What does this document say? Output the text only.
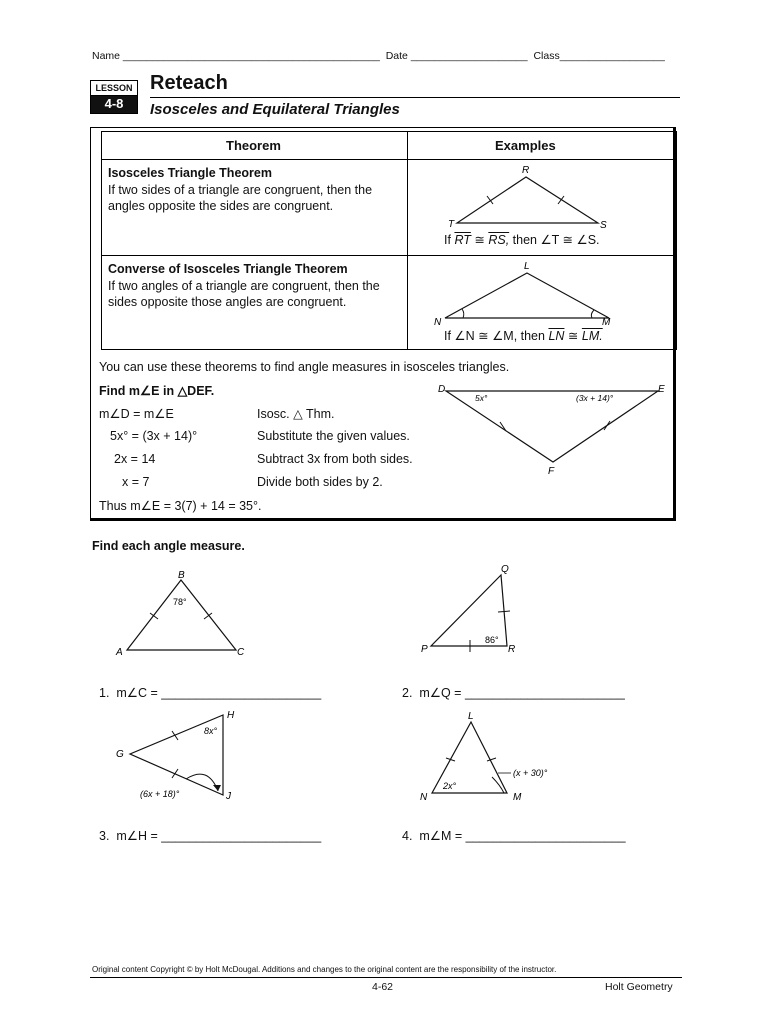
Name ____________________________________________  Date ____________________  Class__________________
LESSON
4-8
Reteach
Isosceles and Equilateral Triangles
Theorem	Examples
Isosceles Triangle Theorem
If two sides of a triangle are congruent, then the angles opposite the sides are congruent.
R
T	S
If $\overline{RT}$ ≅ RS, then ∠T ≅ ∠S.
Converse of Isosceles Triangle Theorem
If two angles of a triangle are congruent, then the sides opposite those angles are congruent.
L
N	M
If ∠N ≅ ∠M, then $\overline{LN}$ ≅ LM.
You can use these theorems to find angle measures in isosceles triangles.
Find m∠E in △DEF.
m∠D = m∠E	Isosc. △ Thm.
5x° = (3x + 14)°	Substitute the given values.
2x = 14	Subtract 3x from both sides.
x = 7	Divide both sides by 2.
Thus m∠E = 3(7) + 14 = 35°.
D	E
F
5x°	(3x + 14)°
Find each angle measure.
B
A	C
78°
Q
P	R
86°
1.  m∠C = _______________________	2.  m∠Q = _______________________
H
G
J
8x°
(6x + 18)°
L
N	M
2x°
(x + 30)°
3.  m∠H = _______________________	4.  m∠M = _______________________
Original content Copyright © by Holt McDougal. Additions and changes to the original content are the responsibility of the instructor.
4-62	Holt Geometry
